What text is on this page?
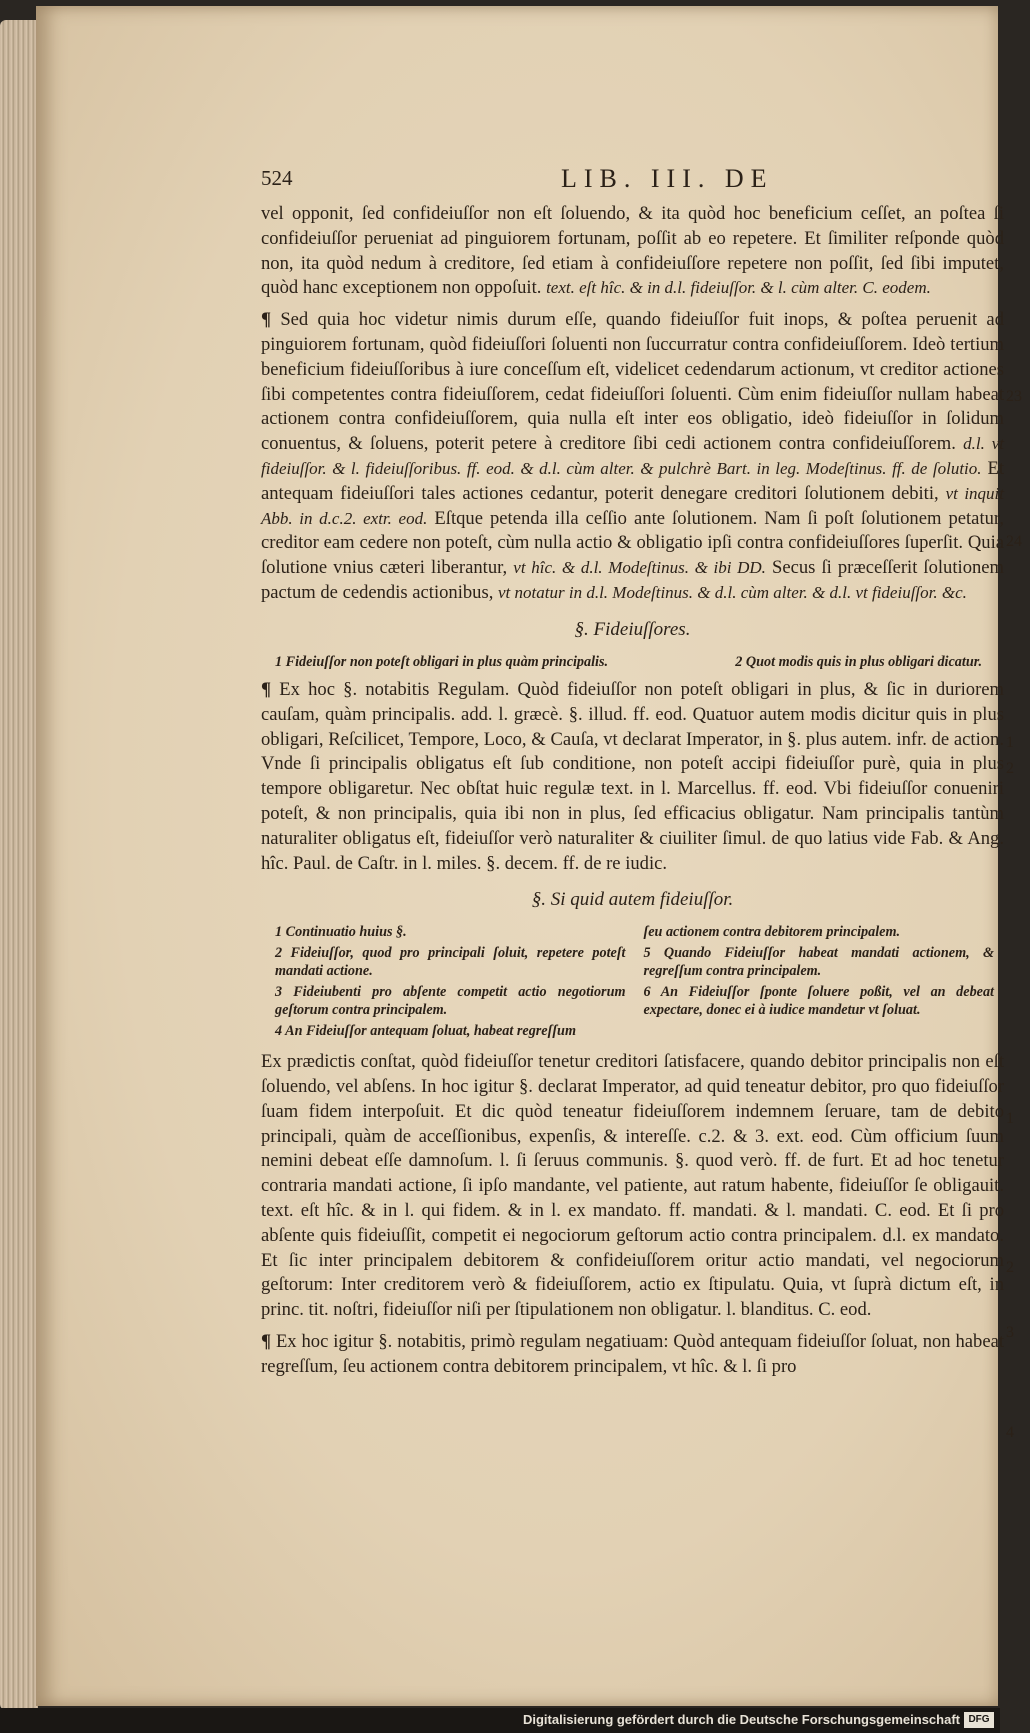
524	LIB. III. DE

vel opponit, ſed confideiuſſor non eſt ſoluendo, & ita quòd hoc beneficium ceſſet, an poſtea ſi confideiuſſor perueniat ad pinguiorem fortunam, poſſit ab eo repetere. Et ſimiliter reſponde quòd non, ita quòd nedum à creditore, ſed etiam à confideiuſſore repetere non poſſit, ſed ſibi imputet, quòd hanc exceptionem non oppoſuit. text. eſt hîc. & in d.l. fideiuſſor. & l. cùm alter. C. eodem.

¶ Sed quia hoc videtur nimis durum eſſe, quando fideiuſſor fuit inops, & poſtea peruenit ad pinguiorem fortunam, quòd fideiuſſori ſoluenti non ſuccurratur contra confideiuſſorem. Ideò tertium beneficium fideiuſſoribus à iure conceſſum eſt, videlicet cedendarum actionum, vt creditor actiones ſibi competentes contra fideiuſſorem, cedat fideiuſſori ſoluenti. Cùm enim fideiuſſor nullam habeat actionem contra confideiuſſorem, quia nulla eſt inter eos obligatio, ideò fideiuſſor in ſolidum conuentus, & ſoluens, poterit petere à creditore ſibi cedi actionem contra confideiuſſorem. d.l. vt fideiuſſor. & l. fideiuſſoribus. ff. eod. & d.l. cùm alter. & pulchrè Bart. in leg. Modeſtinus. ff. de ſolutio. Et antequam fideiuſſori tales actiones cedantur, poterit denegare creditori ſolutionem debiti, vt inquit Abb. in d.c.2. extr. eod. Eſtque petenda illa ceſſio ante ſolutionem. Nam ſi poſt ſolutionem petatur, creditor eam cedere non poteſt, cùm nulla actio & obligatio ipſi contra confideiuſſores ſuperſit. Quia ſolutione vnius cæteri liberantur, vt hîc. & d.l. Modeſtinus. & ibi DD. Secus ſi præceſſerit ſolutionem pactum de cedendis actionibus, vt notatur in d.l. Modeſtinus. & d.l. cùm alter. & d.l. vt fideiuſſor. &c.

§. Fideiuſſores.
1 Fideiuſſor non poteſt obligari in plus quàm principalis.	2 Quot modis quis in plus obligari dicatur.

¶ Ex hoc §. notabitis Regulam. Quòd fideiuſſor non poteſt obligari in plus, & ſic in duriorem cauſam, quàm principalis. add. l. græcè. §. illud. ff. eod. Quatuor autem modis dicitur quis in plus obligari, Reſcilicet, Tempore, Loco, & Cauſa, vt declarat Imperator, in §. plus autem. infr. de action. Vnde ſi principalis obligatus eſt ſub conditione, non poteſt accipi fideiuſſor purè, quia in plus tempore obligaretur. Nec obſtat huic regulæ text. in l. Marcellus. ff. eod. Vbi fideiuſſor conueniri poteſt, & non principalis, quia ibi non in plus, ſed efficacius obligatur. Nam principalis tantùm naturaliter obligatus eſt, fideiuſſor verò naturaliter & ciuiliter ſimul. de quo latius vide Fab. & Ang. hîc. Paul. de Caſtr. in l. miles. §. decem. ff. de re iudic.

§. Si quid autem fideiuſſor.
1 Continuatio huius §.
2 Fideiuſſor, quod pro principali ſoluit, repetere poteſt mandati actione.
3 Fideiubenti pro abſente competit actio negotiorum geſtorum contra principalem.
4 An Fideiuſſor antequam ſoluat, habeat regreſſum
ſeu actionem contra debitorem principalem.
5 Quando Fideiuſſor habeat mandati actionem, & regreſſum contra principalem.
6 An Fideiuſſor ſponte ſoluere poßit, vel an debeat expectare, donec ei à iudice mandetur vt ſoluat.

Ex prædictis conſtat, quòd fideiuſſor tenetur creditori ſatisfacere, quando debitor principalis non eſt ſoluendo, vel abſens. In hoc igitur §. declarat Imperator, ad quid teneatur debitor, pro quo fideiuſſor ſuam fidem interpoſuit. Et dic quòd teneatur fideiuſſorem indemnem ſeruare, tam de debito principali, quàm de acceſſionibus, expenſis, & intereſſe. c.2. & 3. ext. eod. Cùm officium ſuum nemini debeat eſſe damnoſum. l. ſi ſeruus communis. §. quod verò. ff. de furt. Et ad hoc tenetur contraria mandati actione, ſi ipſo mandante, vel patiente, aut ratum habente, fideiuſſor ſe obligauit. text. eſt hîc. & in l. qui fidem. & in l. ex mandato. ff. mandati. & l. mandati. C. eod. Et ſi pro abſente quis fideiuſſit, competit ei negociorum geſtorum actio contra principalem. d.l. ex mandato. Et ſic inter principalem debitorem & confideiuſſorem oritur actio mandati, vel negociorum geſtorum: Inter creditorem verò & fideiuſſorem, actio ex ſtipulatu. Quia, vt ſuprà dictum eſt, in princ. tit. noſtri, fideiuſſor niſi per ſtipulationem non obligatur. l. blanditus. C. eod.

¶ Ex hoc igitur §. notabitis, primò regulam negatiuam: Quòd antequam fideiuſſor ſoluat, non habeat regreſſum, ſeu actionem contra debitorem principalem, vt hîc. & l. ſi pro

23
24
1
2
1
2
3
4
Digitalisierung gefördert durch die Deutsche Forschungsgemeinschaft DFG
